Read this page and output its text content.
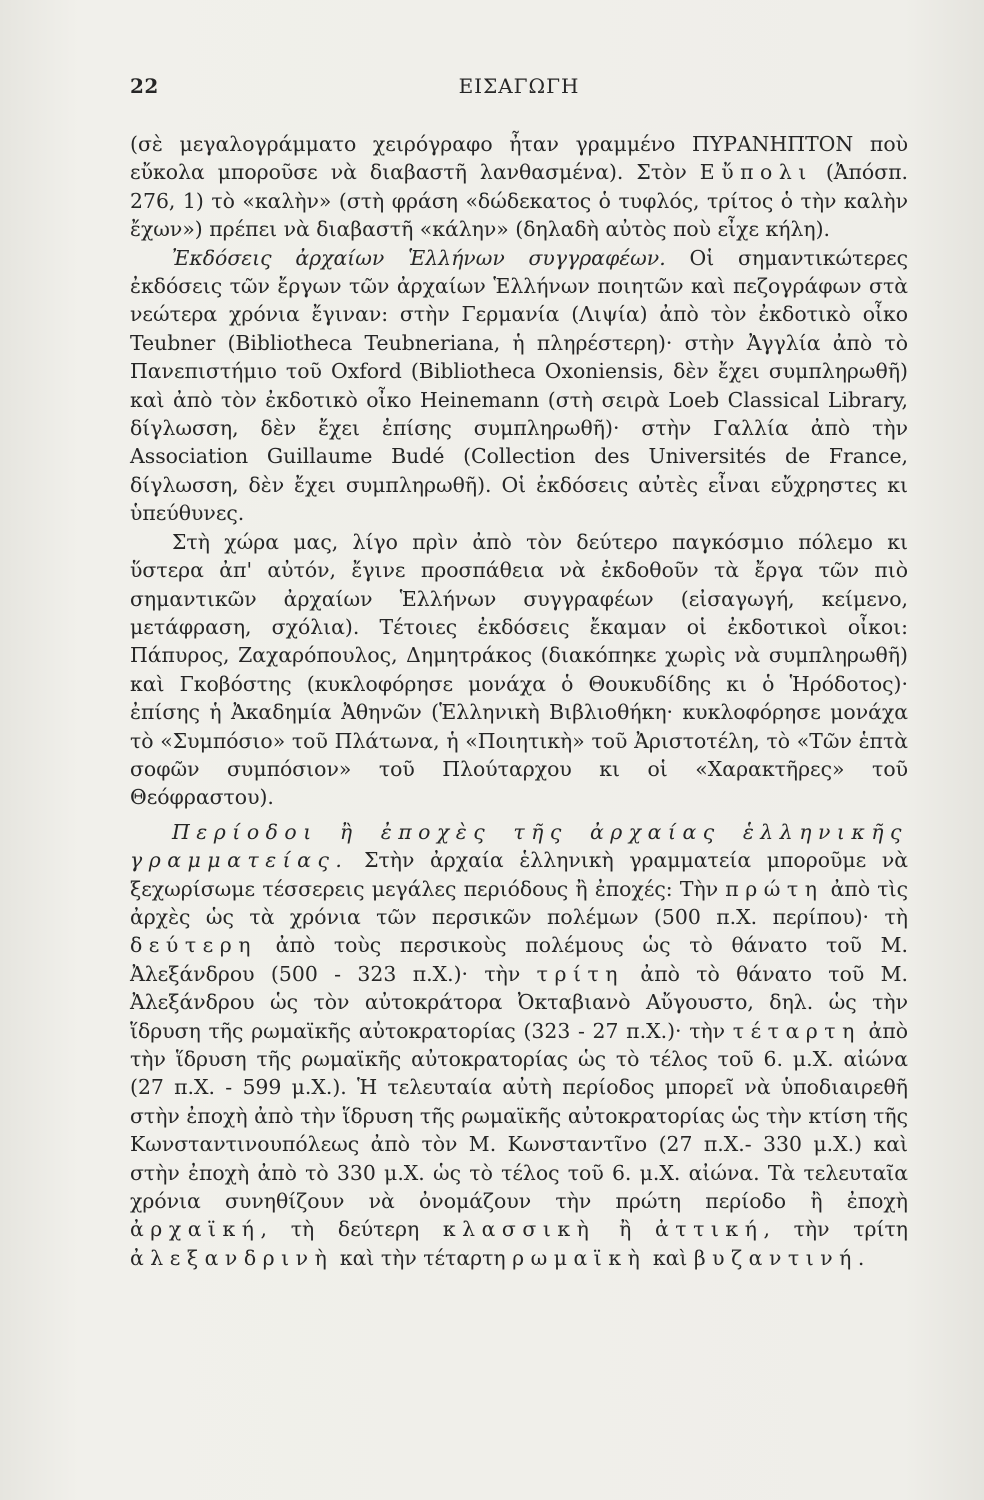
22	ΕΙΣΑΓΩΓΗ

(σὲ μεγαλογράμματο χειρόγραφο ἦταν γραμμένο ΠΥΡΑΝΗΠΤΟΝ ποὺ εὔκολα μποροῦσε νὰ διαβαστῆ λανθασμένα). Στὸν Εὔπολι (Ἀπόσπ. 276, 1) τὸ «καλὴν» (στὴ φράση «δώδεκατος ὁ τυφλός, τρίτος ὁ τὴν καλὴν ἔχων») πρέπει νὰ διαβαστῆ «κάλην» (δηλαδὴ αὐτὸς ποὺ εἶχε κήλη).

Ἐκδόσεις ἀρχαίων Ἑλλήνων συγγραφέων. Οἱ σημαντικώτερες ἐκδόσεις τῶν ἔργων τῶν ἀρχαίων Ἑλλήνων ποιητῶν καὶ πεζογράφων στὰ νεώτερα χρόνια ἔγιναν: στὴν Γερμανία (Λιψία) ἀπὸ τὸν ἐκδοτικὸ οἶκο Teubner (Bibliotheca Teubneriana, ἡ πληρέστερη)· στὴν Ἀγγλία ἀπὸ τὸ Πανεπιστήμιο τοῦ Oxford (Bibliotheca Oxoniensis, δὲν ἔχει συμπληρωθῆ) καὶ ἀπὸ τὸν ἐκδοτικὸ οἶκο Heinemann (στὴ σειρὰ Loeb Classical Library, δίγλωσση, δὲν ἔχει ἐπίσης συμπληρωθῆ)· στὴν Γαλλία ἀπὸ τὴν Association Guillaume Budé (Collection des Universités de France, δίγλωσση, δὲν ἔχει συμπληρωθῆ). Οἱ ἐκδόσεις αὐτὲς εἶναι εὔχρηστες κι ὑπεύθυνες.

Στὴ χώρα μας, λίγο πρὶν ἀπὸ τὸν δεύτερο παγκόσμιο πόλεμο κι ὕστερα ἀπ' αὐτόν, ἔγινε προσπάθεια νὰ ἐκδοθοῦν τὰ ἔργα τῶν πιὸ σημαντικῶν ἀρχαίων Ἑλλήνων συγγραφέων (εἰσαγωγή, κείμενο, μετάφραση, σχόλια). Τέτοιες ἐκδόσεις ἔκαμαν οἱ ἐκδοτικοὶ οἶκοι: Πάπυρος, Ζαχαρόπουλος, Δημητράκος (διακόπηκε χωρὶς νὰ συμπληρωθῆ) καὶ Γκοβόστης (κυκλοφόρησε μονάχα ὁ Θουκυδίδης κι ὁ Ἡρόδοτος)· ἐπίσης ἡ Ἀκαδημία Ἀθηνῶν (Ἑλληνικὴ Βιβλιοθήκη· κυκλοφόρησε μονάχα τὸ «Συμπόσιο» τοῦ Πλάτωνα, ἡ «Ποιητικὴ» τοῦ Ἀριστοτέλη, τὸ «Τῶν ἑπτὰ σοφῶν συμπόσιον» τοῦ Πλούταρχου κι οἱ «Χαρακτῆρες» τοῦ Θεόφραστου).

Περίοδοι ἢ ἐποχὲς τῆς ἀρχαίας ἑλληνικῆς γραμματείας. Στὴν ἀρχαία ἑλληνικὴ γραμματεία μποροῦμε νὰ ξεχωρίσωμε τέσσερεις μεγάλες περιόδους ἢ ἐποχές: Τὴν πρώτη ἀπὸ τὶς ἀρχὲς ὡς τὰ χρόνια τῶν περσικῶν πολέμων (500 π.Χ. περίπου)· τὴ δεύτερη ἀπὸ τοὺς περσικοὺς πολέμους ὡς τὸ θάνατο τοῦ Μ. Ἀλεξάνδρου (500 - 323 π.Χ.)· τὴν τρίτη ἀπὸ τὸ θάνατο τοῦ Μ. Ἀλεξάνδρου ὡς τὸν αὐτοκράτορα Ὀκταβιανὸ Αὔγουστο, δηλ. ὡς τὴν ἵδρυση τῆς ρωμαϊκῆς αὐτοκρατορίας (323 - 27 π.Χ.)· τὴν τέταρτη ἀπὸ τὴν ἵδρυση τῆς ρωμαϊκῆς αὐτοκρατορίας ὡς τὸ τέλος τοῦ 6. μ.Χ. αἰώνα (27 π.Χ. - 599 μ.Χ.). Ἡ τελευταία αὐτὴ περίοδος μπορεῖ νὰ ὑποδιαιρεθῆ στὴν ἐποχὴ ἀπὸ τὴν ἵδρυση τῆς ρωμαϊκῆς αὐτοκρατορίας ὡς τὴν κτίση τῆς Κωνσταντινουπόλεως ἀπὸ τὸν Μ. Κωνσταντῖνο (27 π.Χ.- 330 μ.Χ.) καὶ στὴν ἐποχὴ ἀπὸ τὸ 330 μ.Χ. ὡς τὸ τέλος τοῦ 6. μ.Χ. αἰώνα. Τὰ τελευταῖα χρόνια συνηθίζουν νὰ ὀνομάζουν τὴν πρώτη περίοδο ἢ ἐποχὴ ἀρχαϊκή, τὴ δεύτερη κλασσικὴ ἢ ἀττική, τὴν τρίτη ἀλεξανδρινὴ καὶ τὴν τέταρτη ρωμαϊκὴ καὶ βυζαντινή.
